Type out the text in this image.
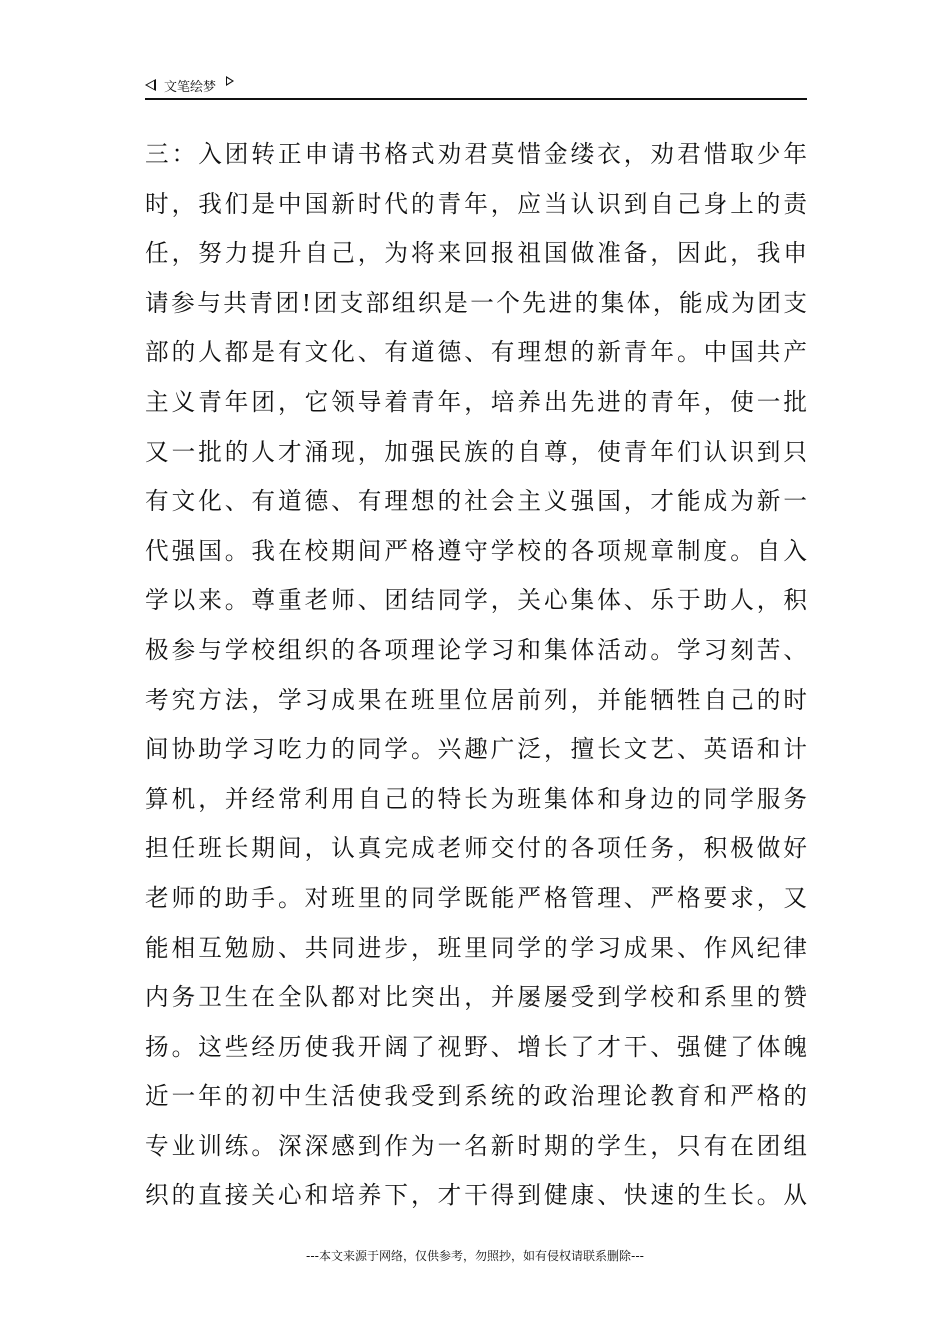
文笔绘梦
三：入团转正申请书格式劝君莫惜金缕衣，劝君惜取少年
时，我们是中国新时代的青年，应当认识到自己身上的责
任，努力提升自己，为将来回报祖国做准备，因此，我申
请参与共青团!团支部组织是一个先进的集体，能成为团支
部的人都是有文化、有道德、有理想的新青年。中国共产
主义青年团，它领导着青年，培养出先进的青年，使一批
又一批的人才涌现，加强民族的自尊，使青年们认识到只
有文化、有道德、有理想的社会主义强国，才能成为新一
代强国。我在校期间严格遵守学校的各项规章制度。自入
学以来。尊重老师、团结同学，关心集体、乐于助人，积
极参与学校组织的各项理论学习和集体活动。学习刻苦、
考究方法，学习成果在班里位居前列，并能牺牲自己的时
间协助学习吃力的同学。兴趣广泛，擅长文艺、英语和计
算机，并经常利用自己的特长为班集体和身边的同学服务
担任班长期间，认真完成老师交付的各项任务，积极做好
老师的助手。对班里的同学既能严格管理、严格要求，又
能相互勉励、共同进步，班里同学的学习成果、作风纪律
内务卫生在全队都对比突出，并屡屡受到学校和系里的赞
扬。这些经历使我开阔了视野、增长了才干、强健了体魄
近一年的初中生活使我受到系统的政治理论教育和严格的
专业训练。深深感到作为一名新时期的学生，只有在团组
织的直接关心和培养下，才干得到健康、快速的生长。从
---本文来源于网络，仅供参考，勿照抄，如有侵权请联系删除---
